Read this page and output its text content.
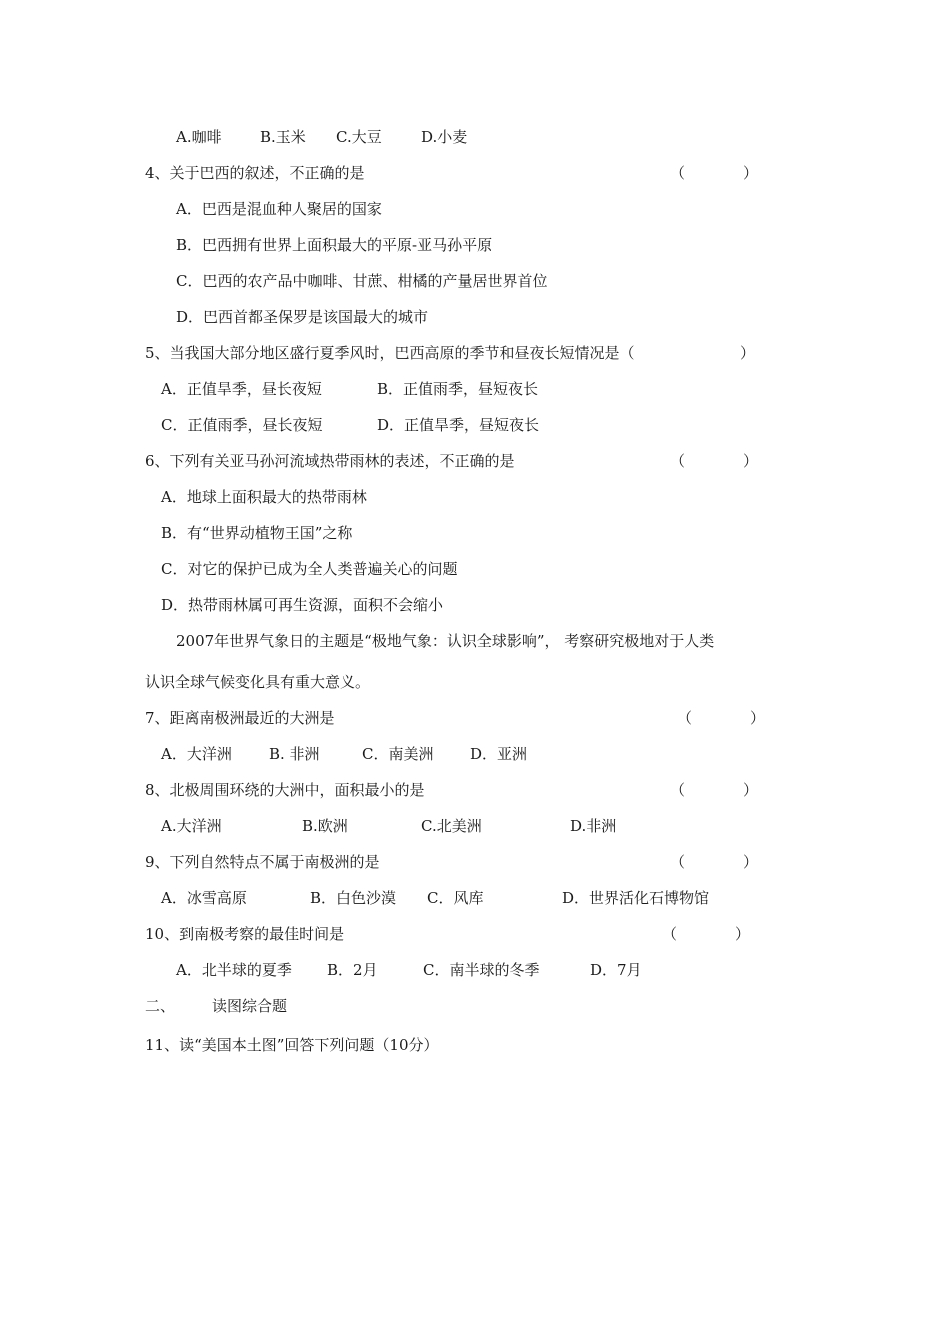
A.咖啡	B.玉米 C.大豆	D.小麦
4、关于巴西的叙述，不正确的是	（	）
A．巴西是混血种人聚居的国家
B．巴西拥有世界上面积最大的平原-亚马孙平原
C．巴西的农产品中咖啡、甘蔗、柑橘的产量居世界首位
D．巴西首都圣保罗是该国最大的城市
5、当我国大部分地区盛行夏季风时，巴西高原的季节和昼夜长短情况是（	）
A．正值旱季，昼长夜短	B．正值雨季，昼短夜长
C．正值雨季，昼长夜短	D．正值旱季，昼短夜长
6、下列有关亚马孙河流域热带雨林的表述，不正确的是	（	）
A．地球上面积最大的热带雨林
B．有“世界动植物王国”之称
C．对它的保护已成为全人类普遍关心的问题
D．热带雨林属可再生资源，面积不会缩小
2007年世界气象日的主题是“极地气象：认识全球影响”， 考察研究极地对于人类
认识全球气候变化具有重大意义。
7、距离南极洲最近的大洲是	（	）
A．大洋洲 B. 非洲	C．南美洲 D．亚洲
8、北极周围环绕的大洲中，面积最小的是	（	）
A.大洋洲	B.欧洲	C.北美洲	D.非洲
9、下列自然特点不属于南极洲的是	（	）
A．冰雪高原	B．白色沙漠 C．风库	D．世界活化石博物馆
10、到南极考察的最佳时间是	（	）
A．北半球的夏季 B．2月	C．南半球的冬季	D．7月
二、 读图综合题
11、读“美国本土图”回答下列问题（10分）
